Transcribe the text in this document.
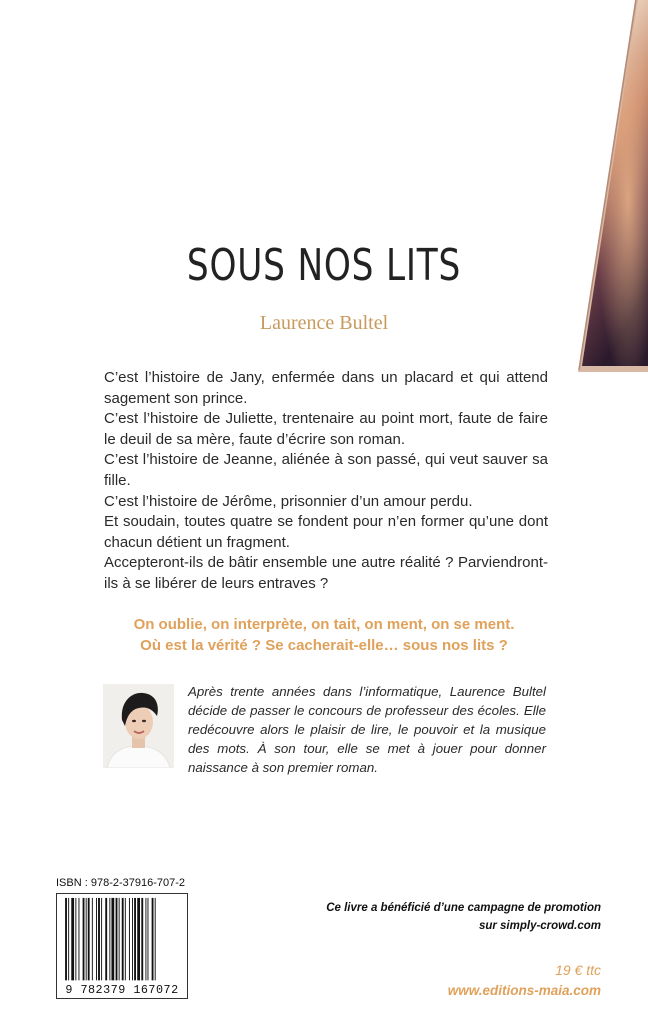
SOUS NOS LITS
Laurence Bultel

C’est l’histoire de Jany, enfermée dans un placard et qui attend sagement son prince.

C’est l’histoire de Juliette, trentenaire au point mort, faute de faire le deuil de sa mère, faute d’écrire son roman.

C’est l’histoire de Jeanne, aliénée à son passé, qui veut sauver sa fille.

C’est l’histoire de Jérôme, prisonnier d’un amour perdu.

Et soudain, toutes quatre se fondent pour n’en former qu’une dont chacun détient un fragment.

Accepteront-ils de bâtir ensemble une autre réalité ? Parviendront-ils à se libérer de leurs entraves ?

On oublie, on interprète, on tait, on ment, on se ment.

Où est la vérité ? Se cacherait-elle… sous nos lits ?

Après trente années dans l’informatique, Laurence Bultel décide de passer le concours de professeur des écoles. Elle redécouvre alors le plaisir de lire, le pouvoir et la musique des mots. À son tour, elle se met à jouer pour donner naissance à son premier roman.

ISBN : 978-2-37916-707-2
9 782379 167072

Ce livre a bénéficié d’une campagne de promotion

sur simply-crowd.com

19 € ttc
www.editions-maia.com
